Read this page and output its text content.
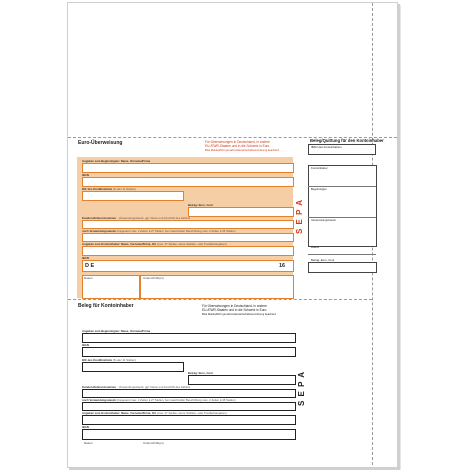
Euro-Überweisung	Für Überweisungen in Deutschland, in andere
EU-/EWR-Staaten und in die Schweiz in Euro.
Bitte Meldepflicht gemäß Außenwirtschaftsverordnung beachten!
Angaben zum Begünstigten: Name, Vorname/Firma
IBAN
BIC des Kreditinstituts (8 oder 11 Stellen)
Betrag: Euro, Cent
Kunden-Referenznummer - Verwendungszweck, ggf. Name und Anschrift des Zahlers
noch Verwendungszweck (insgesamt max. 2 Zeilen à 27 Stellen, bei maschineller Beschriftung max. 2 Zeilen à 35 Stellen)
Angaben zum Kontoinhaber: Name, Vorname/Firma, Ort (max. 27 Stellen, keine Straßen- oder Postfachangaben)
IBAN
D E	16
Datum	Unterschrift(en)
S E P A
Beleg/Quittung für den Kontoinhaber
IBAN des Kontoinhabers
Kontoinhaber
Begünstigter
Verwendungszweck
Datum
Betrag: Euro, Cent
Beleg für Kontoinhaber	Für Überweisungen in Deutschland, in andere
EU-/EWR-Staaten und in die Schweiz in Euro.
Bitte Meldepflicht gemäß Außenwirtschaftsverordnung beachten!
Angaben zum Begünstigten: Name, Vorname/Firma
IBAN
BIC des Kreditinstituts (8 oder 11 Stellen)
Betrag: Euro, Cent
Kunden-Referenznummer - Verwendungszweck, ggf. Name und Anschrift des Zahlers
noch Verwendungszweck (insgesamt max. 2 Zeilen à 27 Stellen, bei maschineller Beschriftung max. 2 Zeilen à 35 Stellen)
Angaben zum Kontoinhaber: Name, Vorname/Firma, Ort (max. 27 Stellen, keine Straßen- oder Postfachangaben)
IBAN
Datum	Unterschrift(en)
S E P A
